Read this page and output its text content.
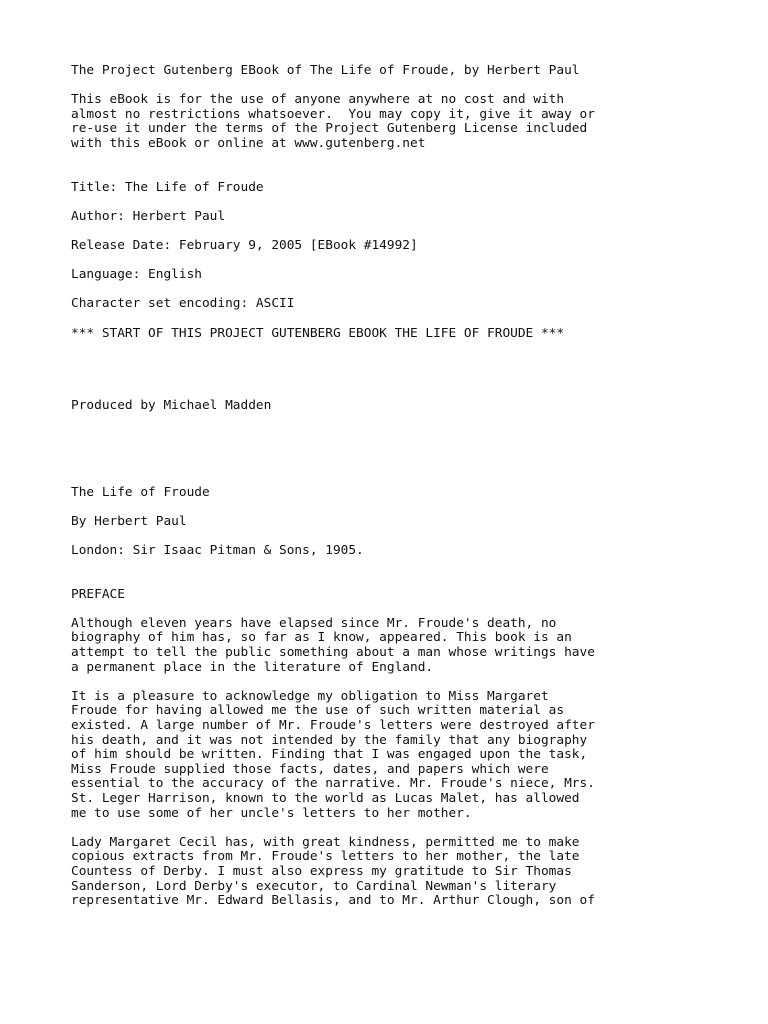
The Project Gutenberg EBook of The Life of Froude, by Herbert Paul
This eBook is for the use of anyone anywhere at no cost and with
almost no restrictions whatsoever.  You may copy it, give it away or
re-use it under the terms of the Project Gutenberg License included
with this eBook or online at www.gutenberg.net
Title: The Life of Froude
Author: Herbert Paul
Release Date: February 9, 2005 [EBook #14992]
Language: English
Character set encoding: ASCII
*** START OF THIS PROJECT GUTENBERG EBOOK THE LIFE OF FROUDE ***
Produced by Michael Madden
The Life of Froude
By Herbert Paul
London: Sir Isaac Pitman & Sons, 1905.
PREFACE
Although eleven years have elapsed since Mr. Froude's death, no
biography of him has, so far as I know, appeared. This book is an
attempt to tell the public something about a man whose writings have
a permanent place in the literature of England.
It is a pleasure to acknowledge my obligation to Miss Margaret
Froude for having allowed me the use of such written material as
existed. A large number of Mr. Froude's letters were destroyed after
his death, and it was not intended by the family that any biography
of him should be written. Finding that I was engaged upon the task,
Miss Froude supplied those facts, dates, and papers which were
essential to the accuracy of the narrative. Mr. Froude's niece, Mrs.
St. Leger Harrison, known to the world as Lucas Malet, has allowed
me to use some of her uncle's letters to her mother.
Lady Margaret Cecil has, with great kindness, permitted me to make
copious extracts from Mr. Froude's letters to her mother, the late
Countess of Derby. I must also express my gratitude to Sir Thomas
Sanderson, Lord Derby's executor, to Cardinal Newman's literary
representative Mr. Edward Bellasis, and to Mr. Arthur Clough, son of
